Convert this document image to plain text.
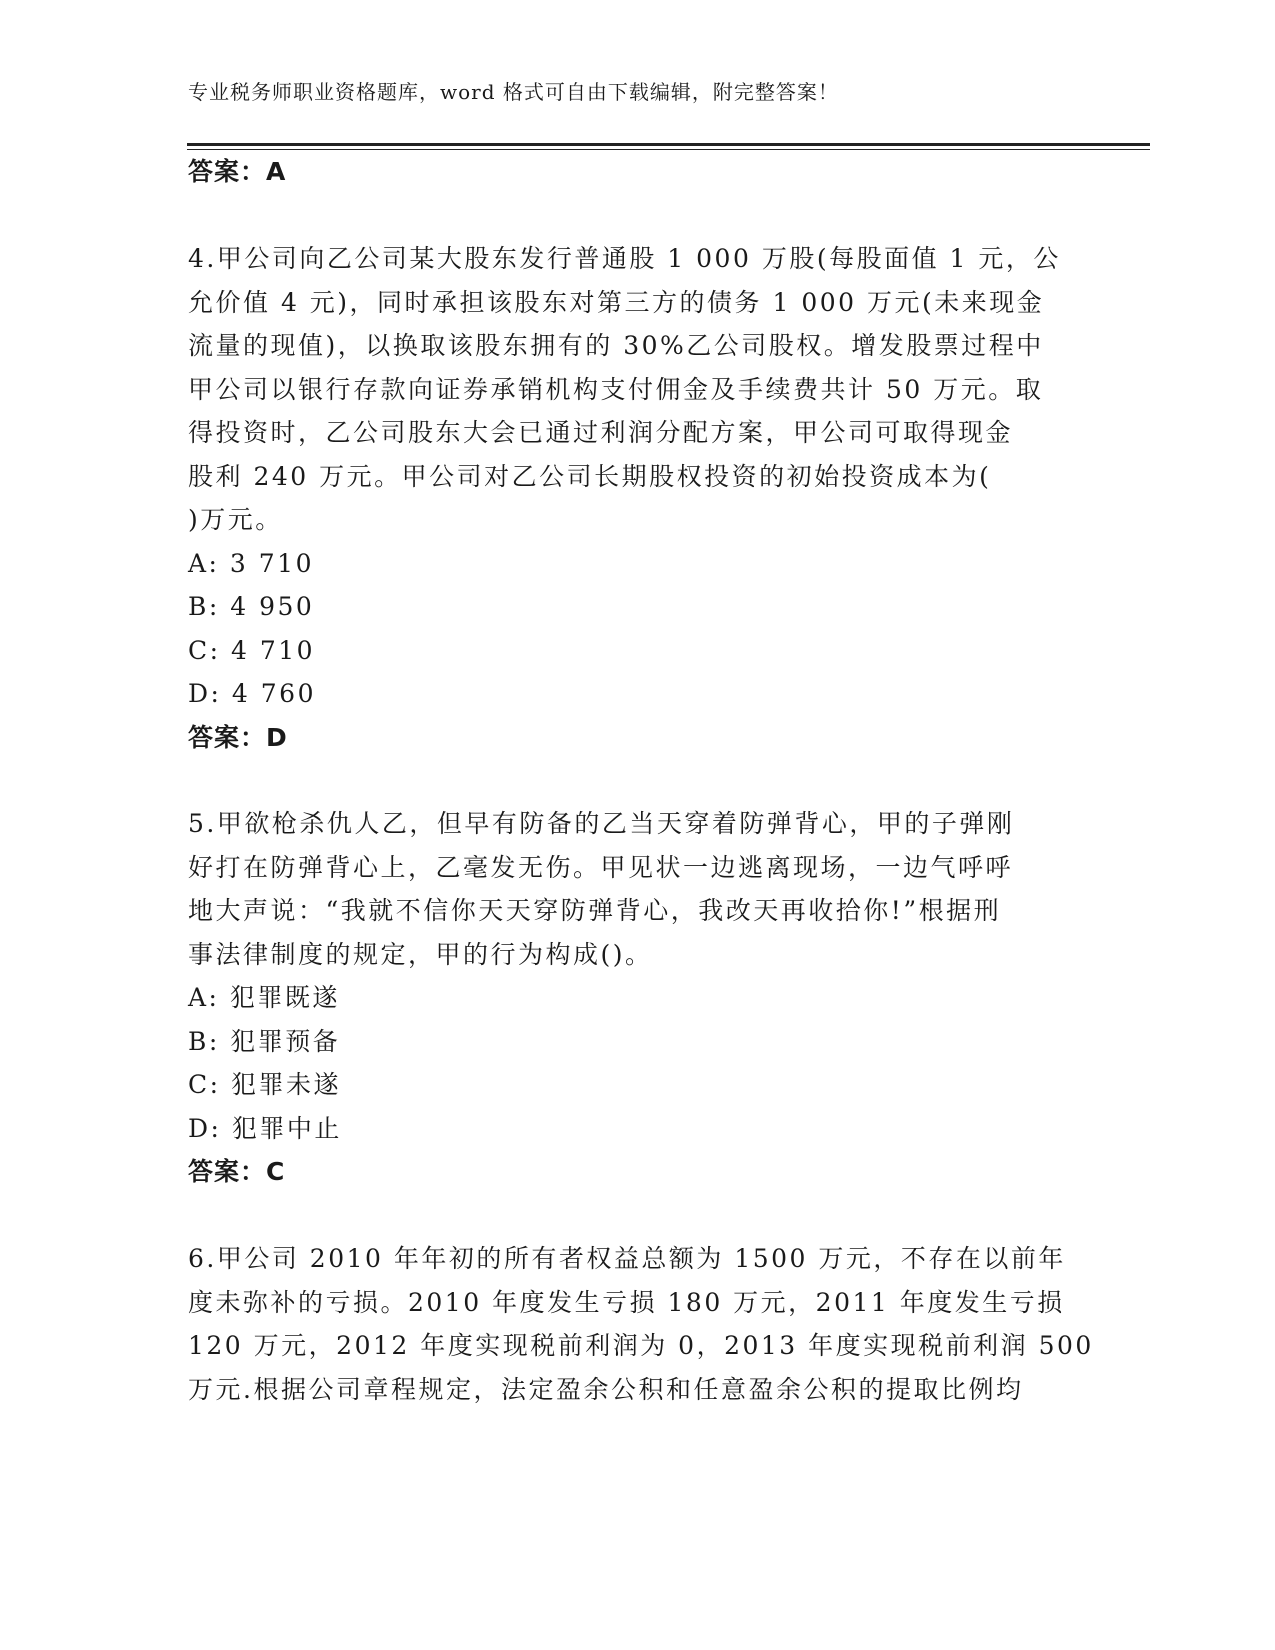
专业税务师职业资格题库，word 格式可自由下载编辑，附完整答案！
答案：A
4.甲公司向乙公司某大股东发行普通股 1 000 万股(每股面值 1 元，公
允价值 4 元)，同时承担该股东对第三方的债务 1 000 万元(未来现金
流量的现值)，以换取该股东拥有的 30%乙公司股权。增发股票过程中
甲公司以银行存款向证券承销机构支付佣金及手续费共计 50 万元。取
得投资时，乙公司股东大会已通过利润分配方案，甲公司可取得现金
股利 240 万元。甲公司对乙公司长期股权投资的初始投资成本为(
)万元。
A: 3 710
B: 4 950
C: 4 710
D: 4 760
答案：D
5.甲欲枪杀仇人乙，但早有防备的乙当天穿着防弹背心，甲的子弹刚
好打在防弹背心上，乙毫发无伤。甲见状一边逃离现场，一边气呼呼
地大声说：“我就不信你天天穿防弹背心，我改天再收拾你!”根据刑
事法律制度的规定，甲的行为构成()。
A: 犯罪既遂
B: 犯罪预备
C: 犯罪未遂
D: 犯罪中止
答案：C
6.甲公司 2010 年年初的所有者权益总额为 1500 万元，不存在以前年
度未弥补的亏损。2010 年度发生亏损 180 万元，2011 年度发生亏损
120 万元，2012 年度实现税前利润为 0，2013 年度实现税前利润 500
万元.根据公司章程规定，法定盈余公积和任意盈余公积的提取比例均
